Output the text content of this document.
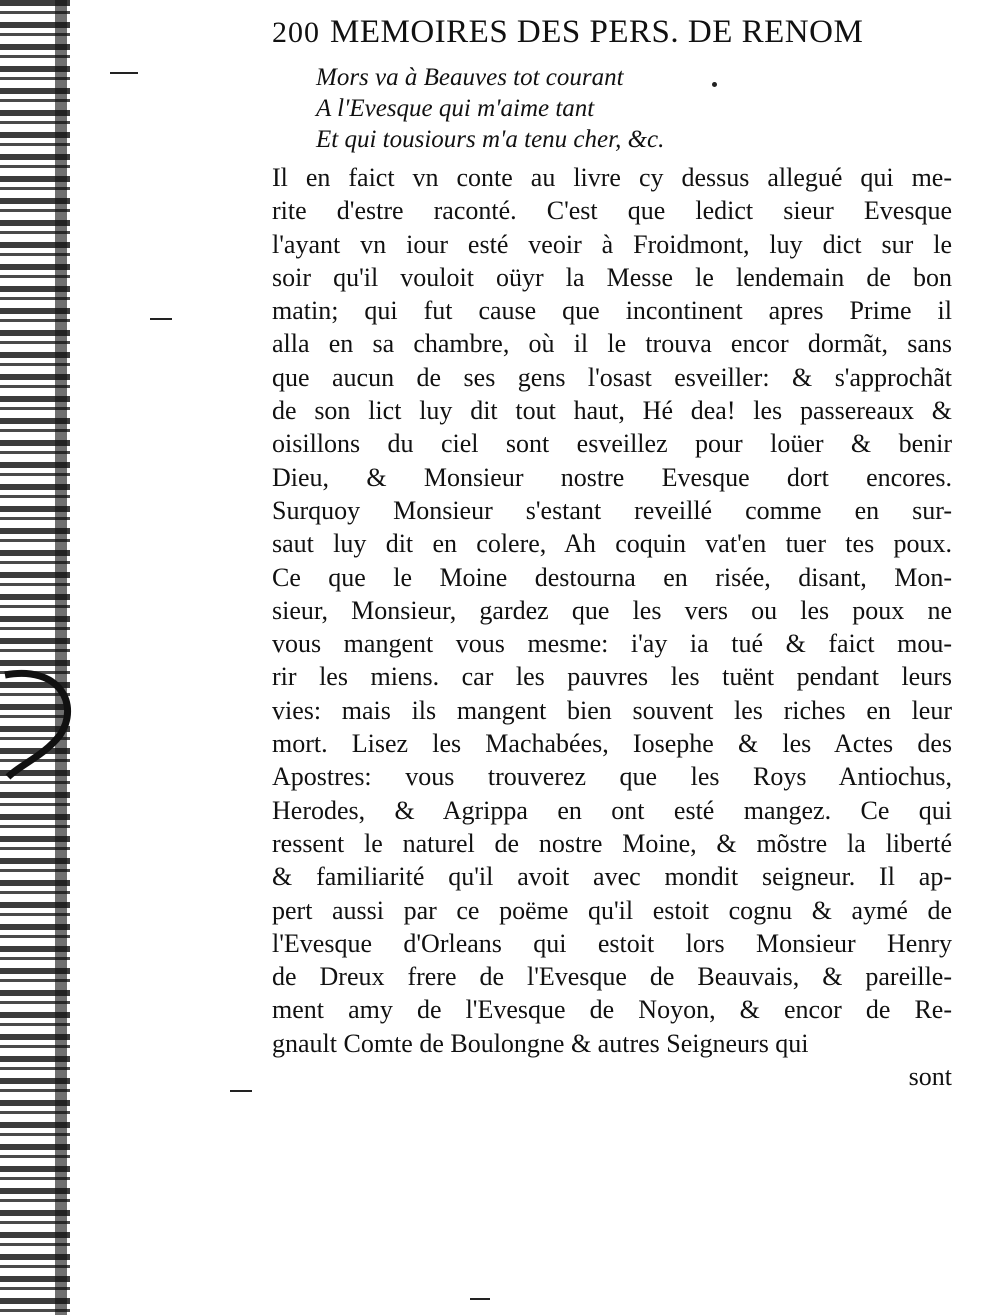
200 MEMOIRES DES PERS. DE RENOM
Mors va à Beauves tot courant
A l'Evesque qui m'aime tant
Et qui tousiours m'a tenu cher, &c.
Il en faict vn conte au livre cy dessus allegué qui me-
rite d'estre raconté. C'est que ledict sieur Evesque
l'ayant vn iour esté veoir à Froidmont, luy dict sur le
soir qu'il vouloit oüyr la Messe le lendemain de bon
matin; qui fut cause que incontinent apres Prime il
alla en sa chambre, où il le trouva encor dormãt, sans
que aucun de ses gens l'osast esveiller: & s'approchãt
de son lict luy dit tout haut, Hé dea! les passereaux &
oisillons du ciel sont esveillez pour loüer & benir
Dieu, & Monsieur nostre Evesque dort encores.
Surquoy Monsieur s'estant reveillé comme en sur-
saut luy dit en colere, Ah coquin vat'en tuer tes poux.
Ce que le Moine destourna en risée, disant, Mon-
sieur, Monsieur, gardez que les vers ou les poux ne
vous mangent vous mesme: i'ay ia tué & faict mou-
rir les miens. car les pauvres les tuënt pendant leurs
vies: mais ils mangent bien souvent les riches en leur
mort. Lisez les Machabées, Iosephe & les Actes des
Apostres: vous trouverez que les Roys Antiochus,
Herodes, & Agrippa en ont esté mangez. Ce qui
ressent le naturel de nostre Moine, & mõstre la liberté
& familiarité qu'il avoit avec mondit seigneur. Il ap-
pert aussi par ce poëme qu'il estoit cognu & aymé de
l'Evesque d'Orleans qui estoit lors Monsieur Henry
de Dreux frere de l'Evesque de Beauvais, & pareille-
ment amy de l'Evesque de Noyon, & encor de Re-
gnault Comte de Boulongne & autres Seigneurs qui
sont
